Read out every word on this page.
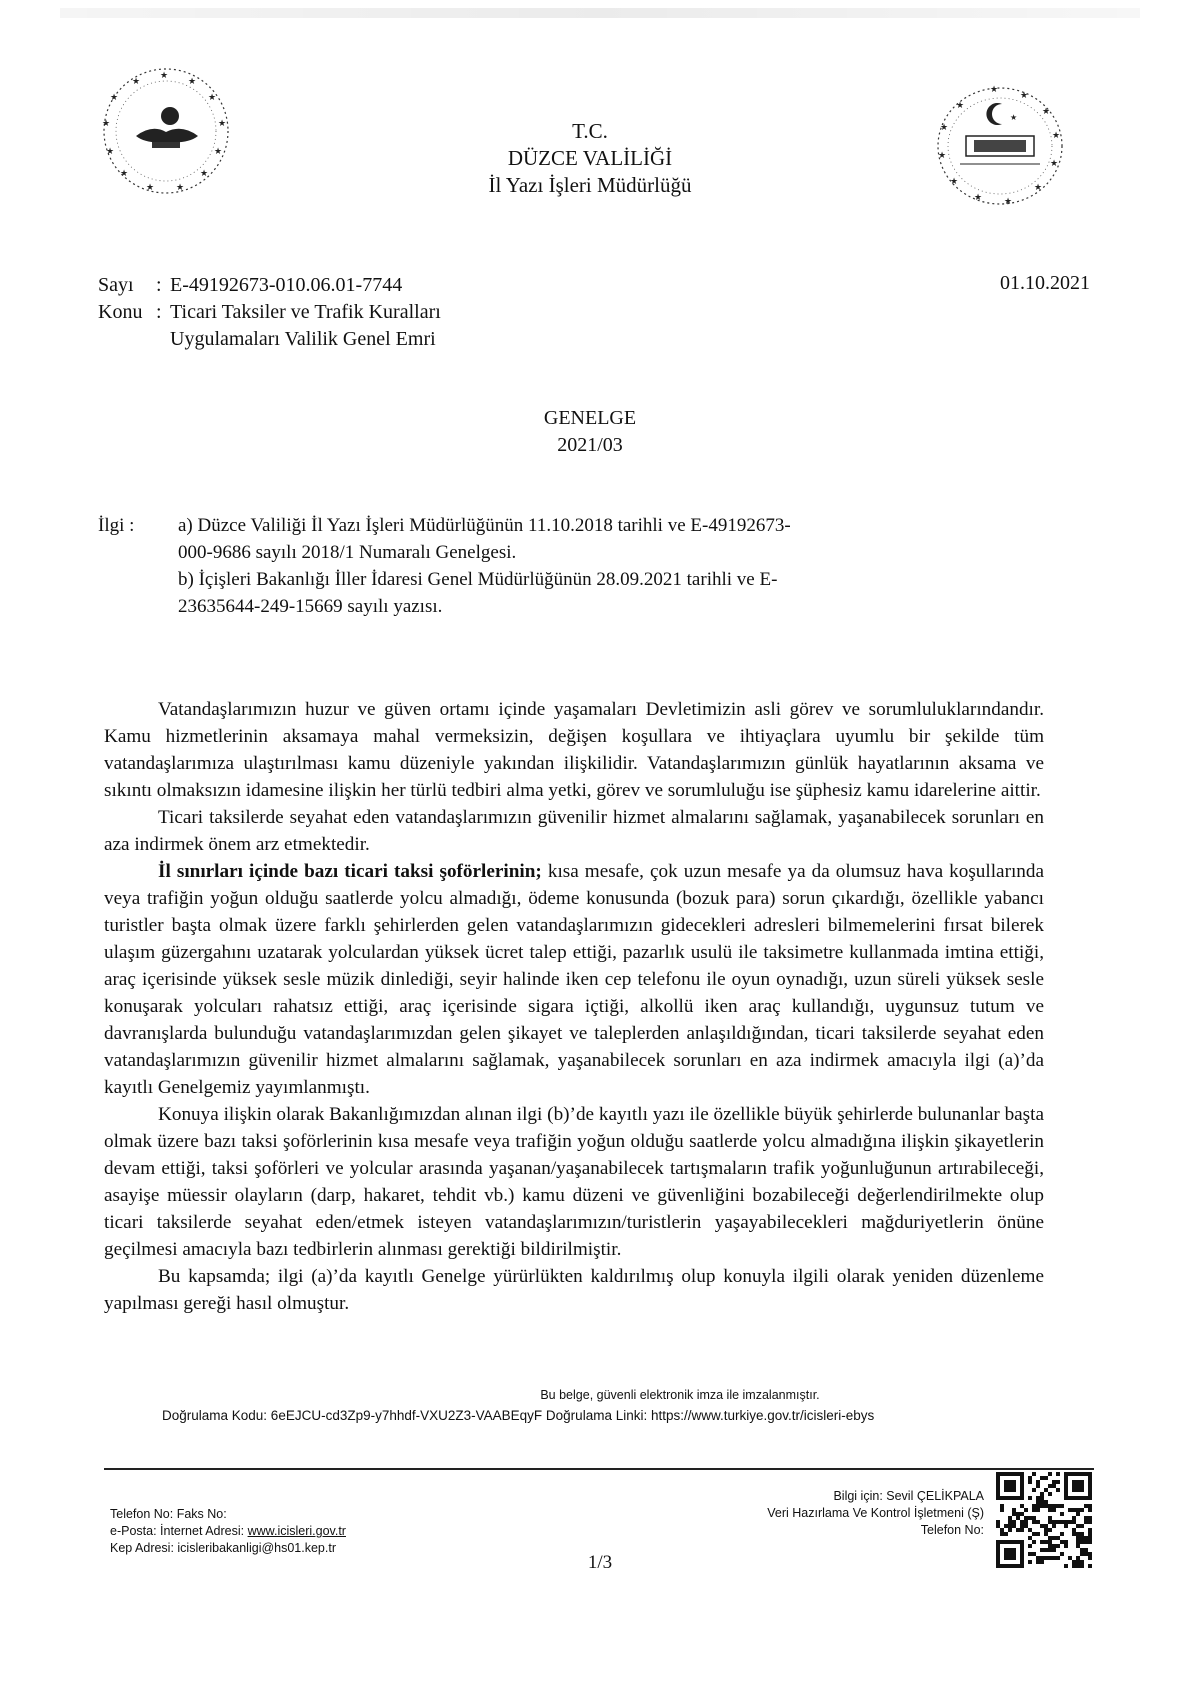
★
★
★
★
★
★
★
★
★
★
★
★
★
★
★
★
★
★
★
★
★
★
★
★
★
★
T.C.
DÜZCE VALİLİĞİ
İl Yazı İşleri Müdürlüğü
Sayı	: E-49192673-010.06.01-7744
Konu : Ticari Taksiler ve Trafik Kuralları
Uygulamaları Valilik Genel Emri
01.10.2021
GENELGE
2021/03
İlgi : a) Düzce Valiliği İl Yazı İşleri Müdürlüğünün 11.10.2018 tarihli ve E-49192673-
000-9686 sayılı 2018/1 Numaralı Genelgesi.
b) İçişleri Bakanlığı İller İdaresi Genel Müdürlüğünün 28.09.2021 tarihli ve E-
23635644-249-15669 sayılı yazısı.

Vatandaşlarımızın huzur ve güven ortamı içinde yaşamaları Devletimizin asli görev ve sorumluluklarındandır. Kamu hizmetlerinin aksamaya mahal vermeksizin, değişen koşullara ve ihtiyaçlara uyumlu bir şekilde tüm vatandaşlarımıza ulaştırılması kamu düzeniyle yakından ilişkilidir. Vatandaşlarımızın günlük hayatlarının aksama ve sıkıntı olmaksızın idamesine ilişkin her türlü tedbiri alma yetki, görev ve sorumluluğu ise şüphesiz kamu idarelerine aittir.

Ticari taksilerde seyahat eden vatandaşlarımızın güvenilir hizmet almalarını sağlamak, yaşanabilecek sorunları en aza indirmek önem arz etmektedir.

İl sınırları içinde bazı ticari taksi şoförlerinin; kısa mesafe, çok uzun mesafe ya da olumsuz hava koşullarında veya trafiğin yoğun olduğu saatlerde yolcu almadığı, ödeme konusunda (bozuk para) sorun çıkardığı, özellikle yabancı turistler başta olmak üzere farklı şehirlerden gelen vatandaşlarımızın gidecekleri adresleri bilmemelerini fırsat bilerek ulaşım güzergahını uzatarak yolculardan yüksek ücret talep ettiği, pazarlık usulü ile taksimetre kullanmada imtina ettiği, araç içerisinde yüksek sesle müzik dinlediği, seyir halinde iken cep telefonu ile oyun oynadığı, uzun süreli yüksek sesle konuşarak yolcuları rahatsız ettiği, araç içerisinde sigara içtiği, alkollü iken araç kullandığı, uygunsuz tutum ve davranışlarda bulunduğu vatandaşlarımızdan gelen şikayet ve taleplerden anlaşıldığından, ticari taksilerde seyahat eden vatandaşlarımızın güvenilir hizmet almalarını sağlamak, yaşanabilecek sorunları en aza indirmek amacıyla ilgi (a)’da kayıtlı Genelgemiz yayımlanmıştı.

Konuya ilişkin olarak Bakanlığımızdan alınan ilgi (b)’de kayıtlı yazı ile özellikle büyük şehirlerde bulunanlar başta olmak üzere bazı taksi şoförlerinin kısa mesafe veya trafiğin yoğun olduğu saatlerde yolcu almadığına ilişkin şikayetlerin devam ettiği, taksi şoförleri ve yolcular arasında yaşanan/yaşanabilecek tartışmaların trafik yoğunluğunun artırabileceği, asayişe müessir olayların (darp, hakaret, tehdit vb.) kamu düzeni ve güvenliğini bozabileceği değerlendirilmekte olup ticari taksilerde seyahat eden/etmek isteyen vatandaşlarımızın/turistlerin yaşayabilecekleri mağduriyetlerin önüne geçilmesi amacıyla bazı tedbirlerin alınması gerektiği bildirilmiştir.

Bu kapsamda; ilgi (a)’da kayıtlı Genelge yürürlükten kaldırılmış olup konuyla ilgili olarak yeniden düzenleme yapılması gereği hasıl olmuştur.

Bu belge, güvenli elektronik imza ile imzalanmıştır.
Doğrulama Kodu: 6eEJCU-cd3Zp9-y7hhdf-VXU2Z3-VAABEqyF Doğrulama Linki: https://www.turkiye.gov.tr/icisleri-ebys
Telefon No: Faks No:
e-Posta: İnternet Adresi: www.icisleri.gov.tr
Kep Adresi: icisleribakanligi@hs01.kep.tr
Bilgi için: Sevil ÇELİKPALA
Veri Hazırlama Ve Kontrol İşletmeni (Ş)
Telefon No:
1/3
